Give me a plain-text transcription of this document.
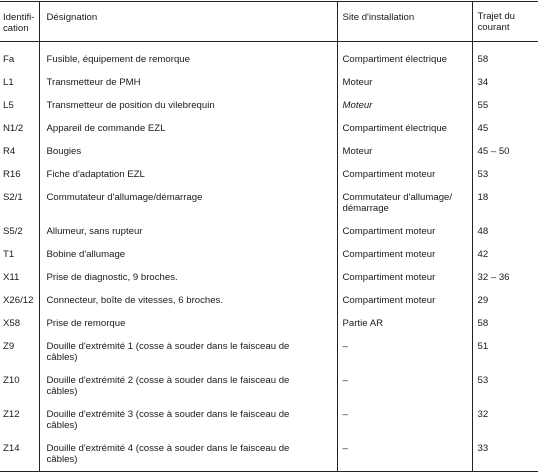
Identifi-
cation	Désignation	Site d'installation	Trajet du
courant
Fa	Fusible, équipement de remorque	Compartiment électrique	58
L1	Transmetteur de PMH	Moteur	34
L5	Transmetteur de position du vilebrequin	Moteur	55
N1/2	Appareil de commande EZL	Compartiment électrique	45
R4	Bougies	Moteur	45 – 50
R16	Fiche d'adaptation EZL	Compartiment moteur	53
S2/1	Commutateur d'allumage/démarrage	Commutateur d'allumage/
démarrage	18
S5/2	Allumeur, sans rupteur	Compartiment moteur	48
T1	Bobine d'allumage	Compartiment moteur	42
X11	Prise de diagnostic, 9 broches.	Compartiment moteur	32 – 36
X26/12	Connecteur, boîte de vitesses, 6 broches.	Compartiment moteur	29
X58	Prise de remorque	Partie AR	58
Z9	Douille d'extrémité 1 (cosse à souder dans le faisceau de
câbles)	–	51
Z10	Douille d'extrémité 2 (cosse à souder dans le faisceau de
câbles)	–	53
Z12	Douille d'extrémité 3 (cosse à souder dans le faisceau de
câbles)	–	32
Z14	Douille d'extrémité 4 (cosse à souder dans le faisceau de
câbles)	–	33
